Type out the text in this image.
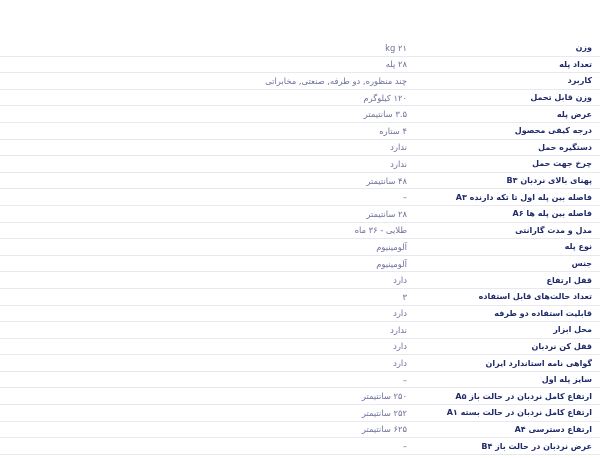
وزن
kg ۲۱
تعداد پله
۲۸ پله
کاربرد
چند منظوره, دو طرفه, صنعتی, مخابراتی
وزن قابل تحمل
۱۲۰ کیلوگرم
عرض پله
۳.۵ سانتیمتر
درجه کیفی محصول
۴ ستاره
دستگیره حمل
ندارد
چرخ جهت حمل
ندارد
پهنای بالای نردبان B۳
۴۸ سانتیمتر
فاصله بین پله اول تا تکه دارنده A۳
–
فاصله بین پله ها A۶
۲۸ سانتیمتر
مدل و مدت گارانتی
طلایی - ۳۶ ماه
نوع پله
آلومینیوم
جنس
آلومینیوم
قفل ارتفاع
دارد
تعداد حالت‌های قابل استفاده
۳
قابلیت استفاده دو طرفه
دارد
محل ابزار
ندارد
قفل کن نردبان
دارد
گواهی نامه استاندارد ایران
دارد
سایز پله اول
–
ارتفاع کامل نردبان در حالت باز A۵
۲۵۰ سانتیمتر
ارتفاع کامل نردبان در حالت بسته A۱
۲۵۲ سانتیمتر
ارتفاع دسترسی A۴
۶۲۵ سانتیمتر
عرض نردبان در حالت باز B۴
–
